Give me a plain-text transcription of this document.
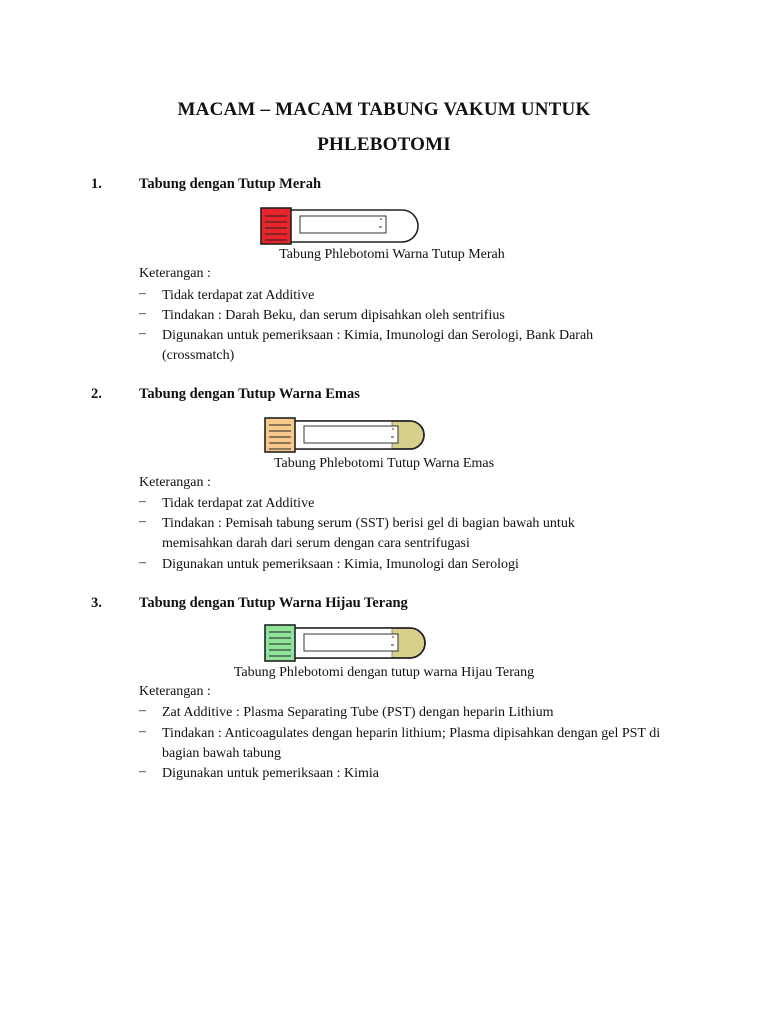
MACAM – MACAM TABUNG VAKUM UNTUK
PHLEBOTOMI
1.	Tabung dengan Tutup Merah
Tabung Phlebotomi Warna Tutup Merah
Keterangan :
– Tidak terdapat zat Additive
– Tindakan : Darah Beku, dan serum dipisahkan oleh sentrifius
– Digunakan untuk pemeriksaan : Kimia, Imunologi dan Serologi, Bank Darah (crossmatch)
2.	Tabung dengan Tutup Warna Emas
Tabung Phlebotomi Tutup Warna Emas
Keterangan :
– Tidak terdapat zat Additive
– Tindakan : Pemisah tabung serum (SST) berisi gel di bagian bawah untuk memisahkan darah dari serum dengan cara sentrifugasi
– Digunakan untuk pemeriksaan : Kimia, Imunologi dan Serologi
3.	Tabung dengan Tutup Warna Hijau Terang
Tabung Phlebotomi dengan tutup warna Hijau Terang
Keterangan :
– Zat Additive : Plasma Separating Tube (PST) dengan heparin Lithium
– Tindakan : Anticoagulates dengan heparin lithium; Plasma dipisahkan dengan gel PST di bagian bawah tabung
– Digunakan untuk pemeriksaan : Kimia
